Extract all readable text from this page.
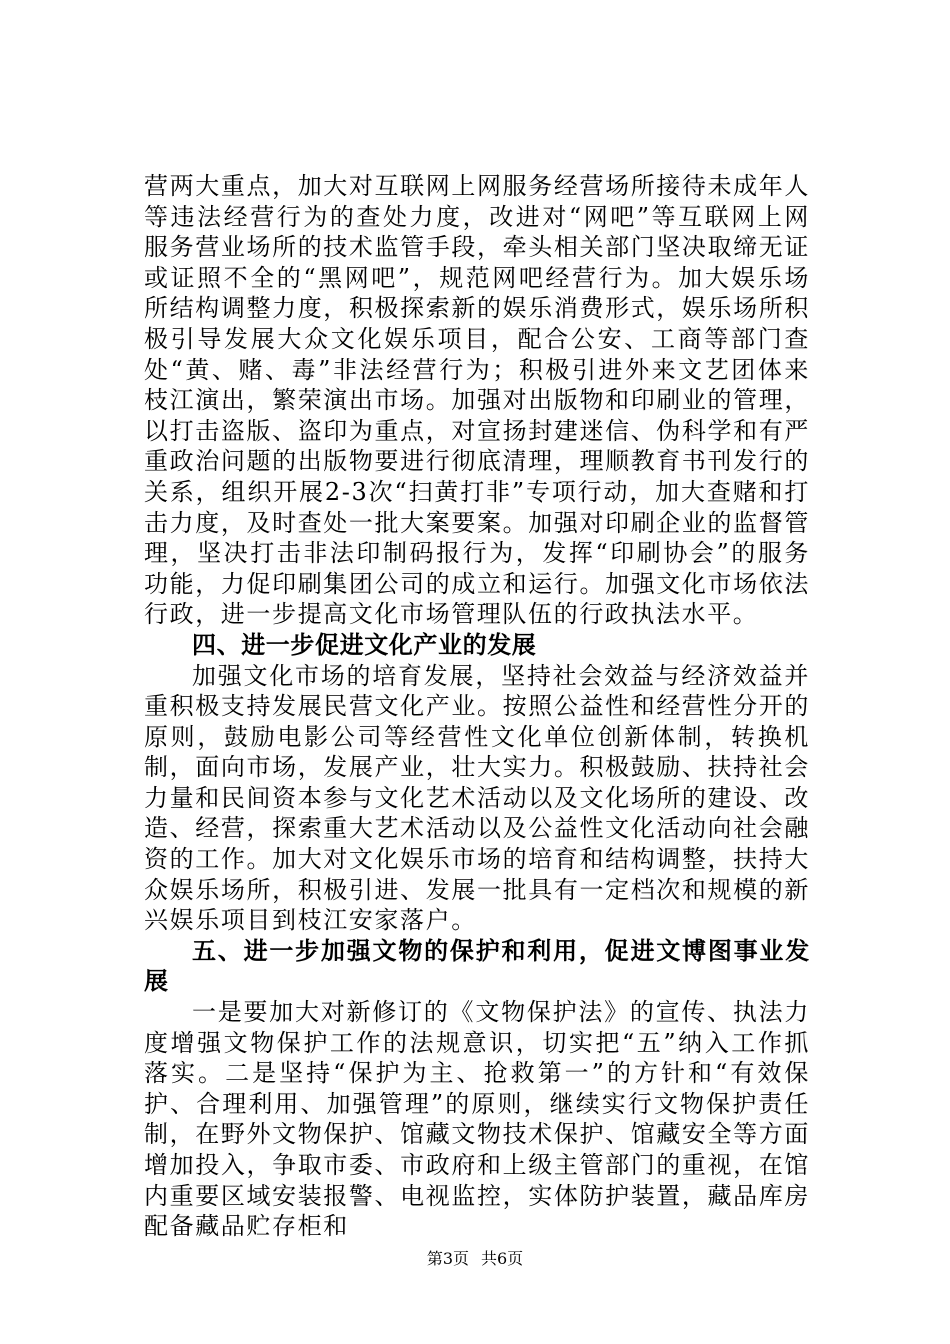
营两大重点，加大对互联网上网服务经营场所接待未成年人等违法经营行为的查处力度，改进对“网吧”等互联网上网服务营业场所的技术监管手段，牵头相关部门坚决取缔无证或证照不全的“黑网吧”，规范网吧经营行为。加大娱乐场所结构调整力度，积极探索新的娱乐消费形式，娱乐场所积极引导发展大众文化娱乐项目，配合公安、工商等部门查处“黄、赌、毒”非法经营行为；积极引进外来文艺团体来枝江演出，繁荣演出市场。加强对出版物和印刷业的管理，以打击盗版、盗印为重点，对宣扬封建迷信、伪科学和有严重政治问题的出版物要进行彻底清理，理顺教育书刊发行的关系，组织开展2-3次“扫黄打非”专项行动，加大查赌和打击力度，及时查处一批大案要案。加强对印刷企业的监督管理，坚决打击非法印制码报行为，发挥“印刷协会”的服务功能，力促印刷集团公司的成立和运行。加强文化市场依法行政，进一步提高文化市场管理队伍的行政执法水平。

四、进一步促进文化产业的发展

加强文化市场的培育发展，坚持社会效益与经济效益并重积极支持发展民营文化产业。按照公益性和经营性分开的原则，鼓励电影公司等经营性文化单位创新体制，转换机制，面向市场，发展产业，壮大实力。积极鼓励、扶持社会力量和民间资本参与文化艺术活动以及文化场所的建设、改造、经营，探索重大艺术活动以及公益性文化活动向社会融资的工作。加大对文化娱乐市场的培育和结构调整，扶持大众娱乐场所，积极引进、发展一批具有一定档次和规模的新兴娱乐项目到枝江安家落户。

五、进一步加强文物的保护和利用，促进文博图事业发展

一是要加大对新修订的《文物保护法》的宣传、执法力度增强文物保护工作的法规意识，切实把“五”纳入工作抓落实。二是坚持“保护为主、抢救第一”的方针和“有效保护、合理利用、加强管理”的原则，继续实行文物保护责任制，在野外文物保护、馆藏文物技术保护、馆藏安全等方面增加投入，争取市委、市政府和上级主管部门的重视，在馆内重要区域安装报警、电视监控，实体防护装置，藏品库房配备藏品贮存柜和

第3页 共6页
